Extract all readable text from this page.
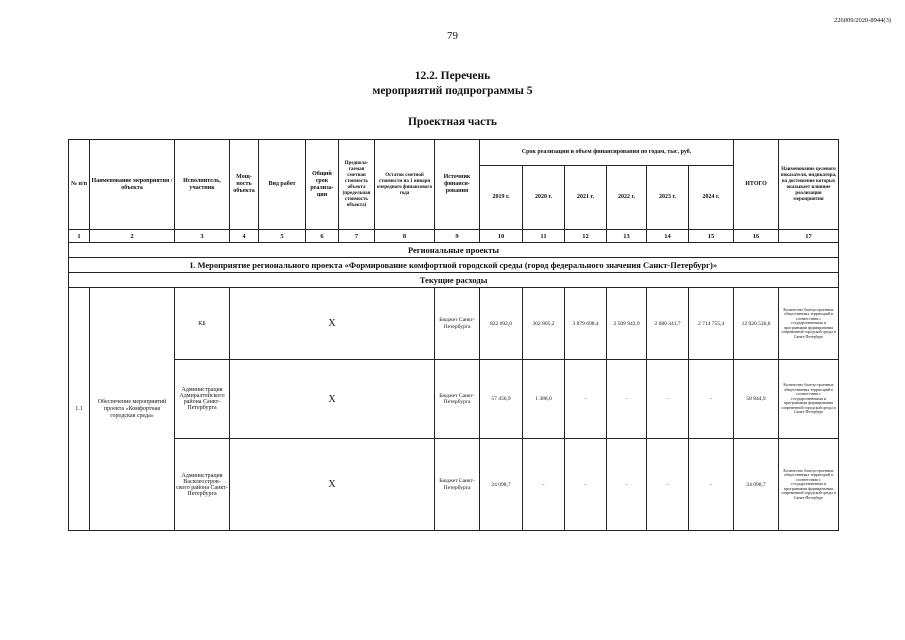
226009/2020-8944(3)
79
12.2. Перечень
мероприятий подпрограммы 5
Проектная часть
№ п/п	Наименование мероприятия / объекта	Исполнитель, участник	Мощ- ность объекта	Вид работ	Общий срок реализа- ции	Предпола- гаемая сметная стоимость объекта (предельная стоимость объекта)	Остаток сметной стоимости на 1 января очередного финансового года	Источник финанси- рования	Срок реализации и объем финансирования по годам, тыс. руб.						ИТОГО	Наименование целевого показателя, индикатора, на достижение которых оказывает влияние реализация мероприятия
									2019 г.	2020 г.	2021 г.	2022 г.	2023 г.	2024 г.		
1	2	3	4	5	6	7	8	9	10	11	12	13	14	15	16	17
Региональные проекты																
I. Мероприятие регионального проекта «Формирование комфортной городской среды (город федерального значения Санкт-Петербург)»																
Текущие расходы																
1.1	Обеспечение мероприятий проекта «Комфортная городская среда»	КБ	Х					Бюджет Санкт- Петербурга	822 092,0	302 805,2	3 879 698,4	2 509 943,9	2 680 341,7	2 714 755,4	12 920 536,6	Количество благоустроенных общественных территорий в соответствии с государственными и программами формирования современной городской среды в Санкт-Петербург
		Администрация Адмиралтейского района Санкт-Петербурга	Х					Бюджет Санкт- Петербурга	57 456,9	1 388,0	-	-	-	-	58 844,9	Количество благоустроенных общественных территорий в соответствии с государственными и программами формирования современной городской среды в Санкт-Петербург
		Администрация Василеостров- ского района Санкт- Петербурга	Х					Бюджет Санкт- Петербурга	24 098,7	-	-	-	-	-	24 098,7	Количество благоустроенных общественных территорий в соответствии с государственными и программами формирования современной городской среды в Санкт-Петербург
